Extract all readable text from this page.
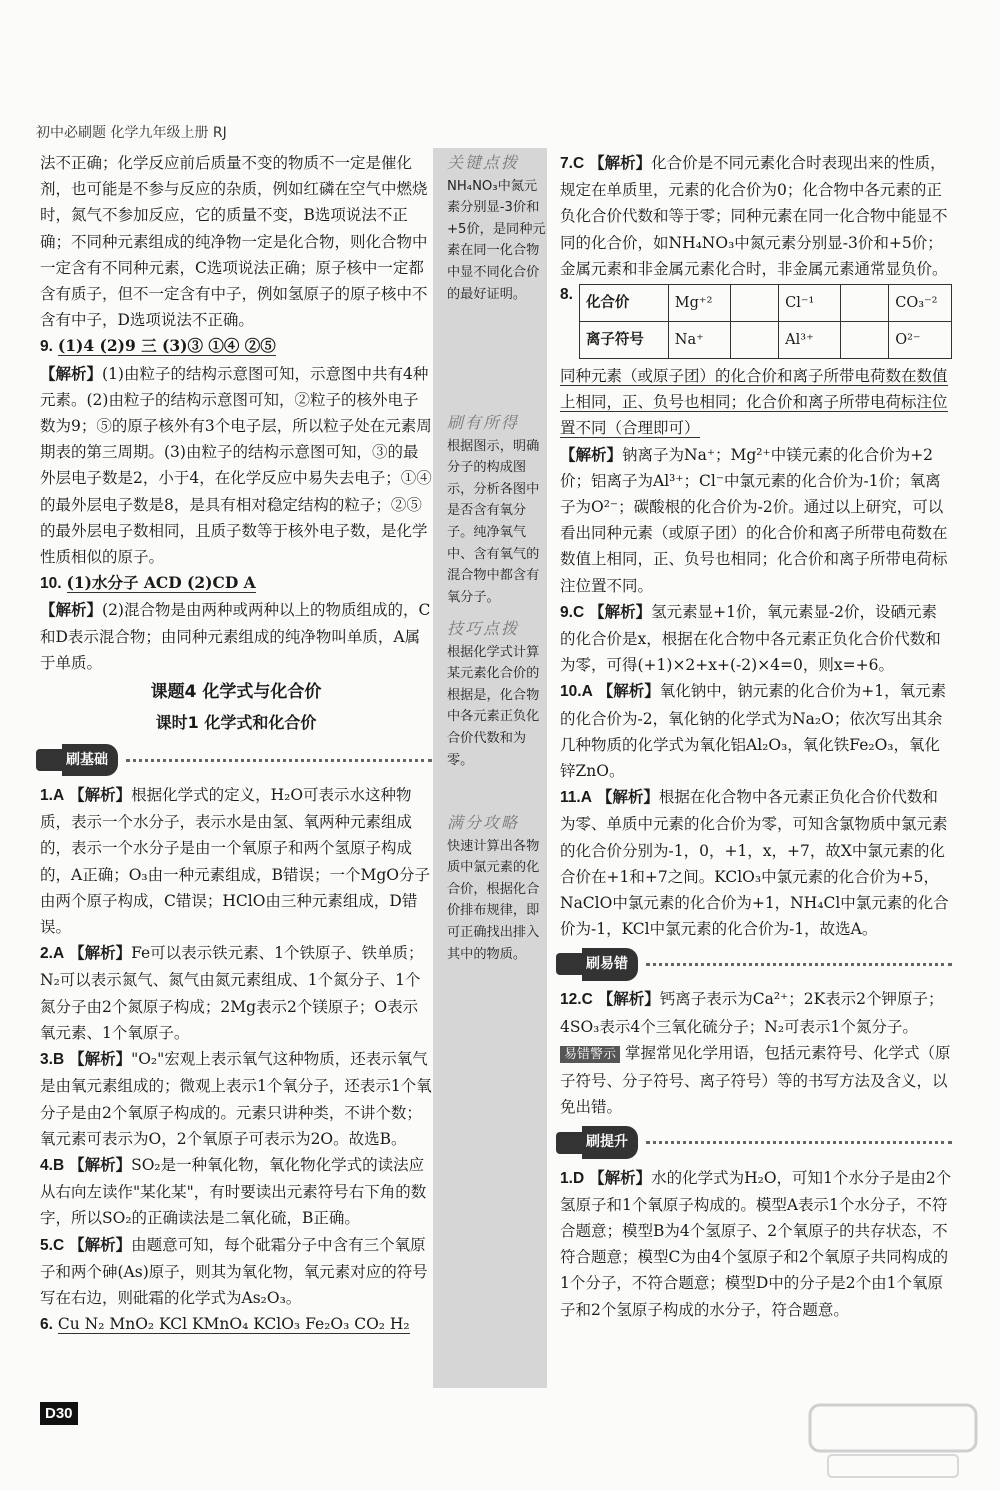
初中必刷题 化学九年级上册 RJ

法不正确；化学反应前后质量不变的物质不一定是催化剂，也可能是不参与反应的杂质，例如红磷在空气中燃烧时，氮气不参加反应，它的质量不变，B选项说法不正确；不同种元素组成的纯净物一定是化合物，则化合物中一定含有不同种元素，C选项说法正确；原子核中一定都含有质子，但不一定含有中子，例如氢原子的原子核中不含有中子，D选项说法不正确。

9. (1)4 (2)9 三 (3)③ ①④ ②⑤

【解析】(1)由粒子的结构示意图可知，示意图中共有4种元素。(2)由粒子的结构示意图可知，②粒子的核外电子数为9；⑤的原子核外有3个电子层，所以粒子处在元素周期表的第三周期。(3)由粒子的结构示意图可知，③的最外层电子数是2，小于4，在化学反应中易失去电子；①④的最外层电子数是8，是具有相对稳定结构的粒子；②⑤的最外层电子数相同，且质子数等于核外电子数，是化学性质相似的原子。

10. (1)水分子 ACD (2)CD A

【解析】(2)混合物是由两种或两种以上的物质组成的，C和D表示混合物；由同种元素组成的纯净物叫单质，A属于单质。

课题4 化学式与化合价
课时1 化学式和化合价
刷基础

1.A 【解析】根据化学式的定义，H₂O可表示水这种物质，表示一个水分子，表示水是由氢、氧两种元素组成的，表示一个水分子是由一个氧原子和两个氢原子构成的，A正确；O₃由一种元素组成，B错误；一个MgO分子由两个原子构成，C错误；HClO由三种元素组成，D错误。

2.A 【解析】Fe可以表示铁元素、1个铁原子、铁单质；N₂可以表示氮气、氮气由氮元素组成、1个氮分子、1个氮分子由2个氮原子构成；2Mg表示2个镁原子；O表示氧元素、1个氧原子。

3.B 【解析】"O₂"宏观上表示氧气这种物质，还表示氧气是由氧元素组成的；微观上表示1个氧分子，还表示1个氧分子是由2个氧原子构成的。元素只讲种类，不讲个数；氧元素可表示为O，2个氧原子可表示为2O。故选B。

4.B 【解析】SO₂是一种氧化物，氧化物化学式的读法应从右向左读作"某化某"，有时要读出元素符号右下角的数字，所以SO₂的正确读法是二氧化硫，B正确。

5.C 【解析】由题意可知，每个砒霜分子中含有三个氧原子和两个砷(As)原子，则其为氧化物，氧元素对应的符号写在右边，则砒霜的化学式为As₂O₃。

6. Cu N₂ MnO₂ KCl KMnO₄ KClO₃ Fe₂O₃ CO₂ H₂

关键点拨
NH₄NO₃中氮元素分别显-3价和+5价，是同种元素在同一化合物中显不同化合价的最好证明。
刷有所得
根据图示，明确分子的构成图示，分析各图中是否含有氧分子。纯净氧气中、含有氧气的混合物中都含有氧分子。
技巧点拨
根据化学式计算某元素化合价的根据是，化合物中各元素正负化合价代数和为零。
满分攻略
快速计算出各物质中氯元素的化合价，根据化合价排布规律，即可正确找出排入其中的物质。

7.C 【解析】化合价是不同元素化合时表现出来的性质，规定在单质里，元素的化合价为0；化合物中各元素的正负化合价代数和等于零；同种元素在同一化合物中能显不同的化合价，如NH₄NO₃中氮元素分别显-3价和+5价；金属元素和非金属元素化合时，非金属元素通常显负价。

8. 化合价	Mg⁺²		Cl⁻¹		CO₃⁻²
离子符号	Na⁺		Al³⁺		O²⁻

同种元素（或原子团）的化合价和离子所带电荷数在数值上相同，正、负号也相同；化合价和离子所带电荷标注位置不同（合理即可）

【解析】钠离子为Na⁺；Mg²⁺中镁元素的化合价为+2价；铝离子为Al³⁺；Cl⁻中氯元素的化合价为-1价；氧离子为O²⁻；碳酸根的化合价为-2价。通过以上研究，可以看出同种元素（或原子团）的化合价和离子所带电荷数在数值上相同，正、负号也相同；化合价和离子所带电荷标注位置不同。

9.C 【解析】氢元素显+1价，氧元素显-2价，设硒元素的化合价是x，根据在化合物中各元素正负化合价代数和为零，可得(+1)×2+x+(-2)×4=0，则x=+6。

10.A 【解析】氧化钠中，钠元素的化合价为+1，氧元素的化合价为-2，氧化钠的化学式为Na₂O；依次写出其余几种物质的化学式为氧化铝Al₂O₃，氧化铁Fe₂O₃，氧化锌ZnO。

11.A 【解析】根据在化合物中各元素正负化合价代数和为零、单质中元素的化合价为零，可知含氯物质中氯元素的化合价分别为-1，0，+1，x，+7，故X中氯元素的化合价在+1和+7之间。KClO₃中氯元素的化合价为+5，NaClO中氯元素的化合价为+1，NH₄Cl中氯元素的化合价为-1，KCl中氯元素的化合价为-1，故选A。

刷易错

12.C 【解析】钙离子表示为Ca²⁺；2K表示2个钾原子；4SO₃表示4个三氧化硫分子；N₂可表示1个氮分子。

易错警示 掌握常见化学用语，包括元素符号、化学式（原子符号、分子符号、离子符号）等的书写方法及含义，以免出错。

刷提升

1.D 【解析】水的化学式为H₂O，可知1个水分子是由2个氢原子和1个氧原子构成的。模型A表示1个水分子，不符合题意；模型B为4个氢原子、2个氧原子的共存状态，不符合题意；模型C为由4个氢原子和2个氧原子共同构成的1个分子，不符合题意；模型D中的分子是2个由1个氧原子和2个氢原子构成的水分子，符合题意。

D30
